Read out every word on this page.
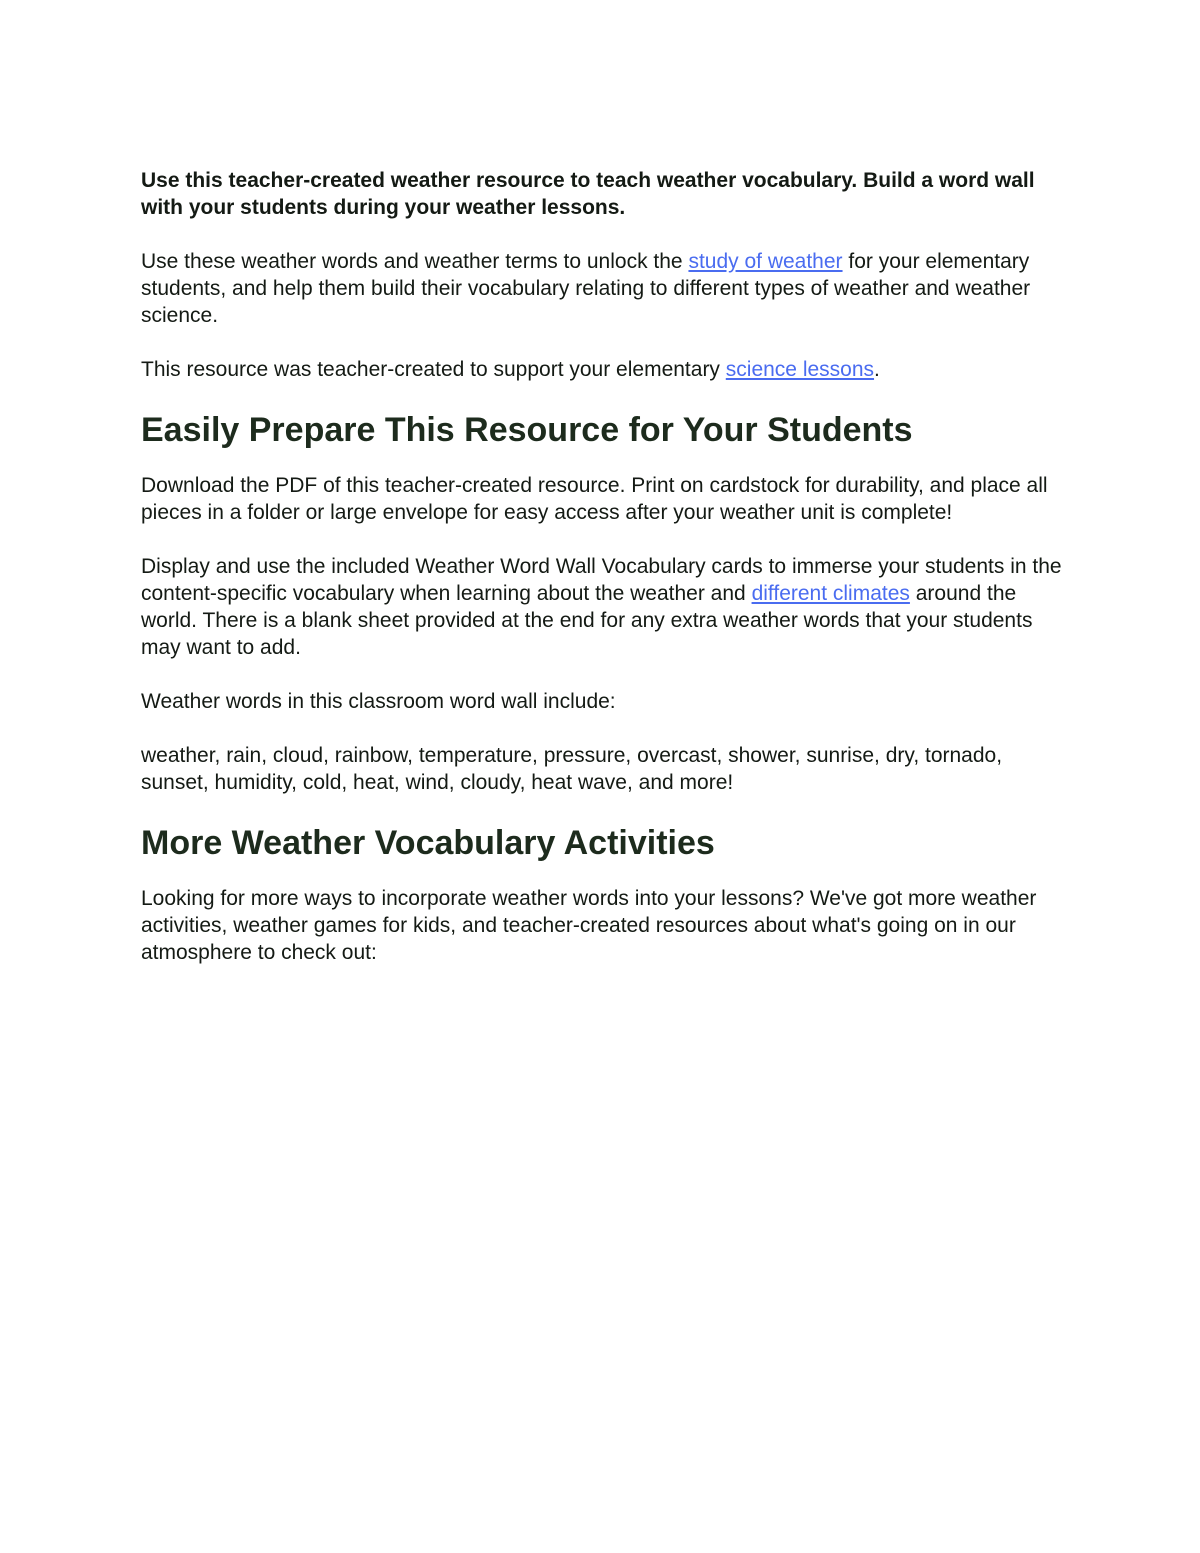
Use this teacher-created weather resource to teach weather vocabulary. Build a word wall with your students during your weather lessons.

Use these weather words and weather terms to unlock the study of weather for your elementary students, and help them build their vocabulary relating to different types of weather and weather science.

This resource was teacher-created to support your elementary science lessons.

Easily Prepare This Resource for Your Students

Download the PDF of this teacher-created resource. Print on cardstock for durability, and place all pieces in a folder or large envelope for easy access after your weather unit is complete!

Display and use the included Weather Word Wall Vocabulary cards to immerse your students in the content-specific vocabulary when learning about the weather and different climates around the world. There is a blank sheet provided at the end for any extra weather words that your students may want to add.

Weather words in this classroom word wall include:

weather, rain, cloud, rainbow, temperature, pressure, overcast, shower, sunrise, dry, tornado, sunset, humidity, cold, heat, wind, cloudy, heat wave, and more!

More Weather Vocabulary Activities

Looking for more ways to incorporate weather words into your lessons? We've got more weather activities, weather games for kids, and teacher-created resources about what's going on in our atmosphere to check out:
